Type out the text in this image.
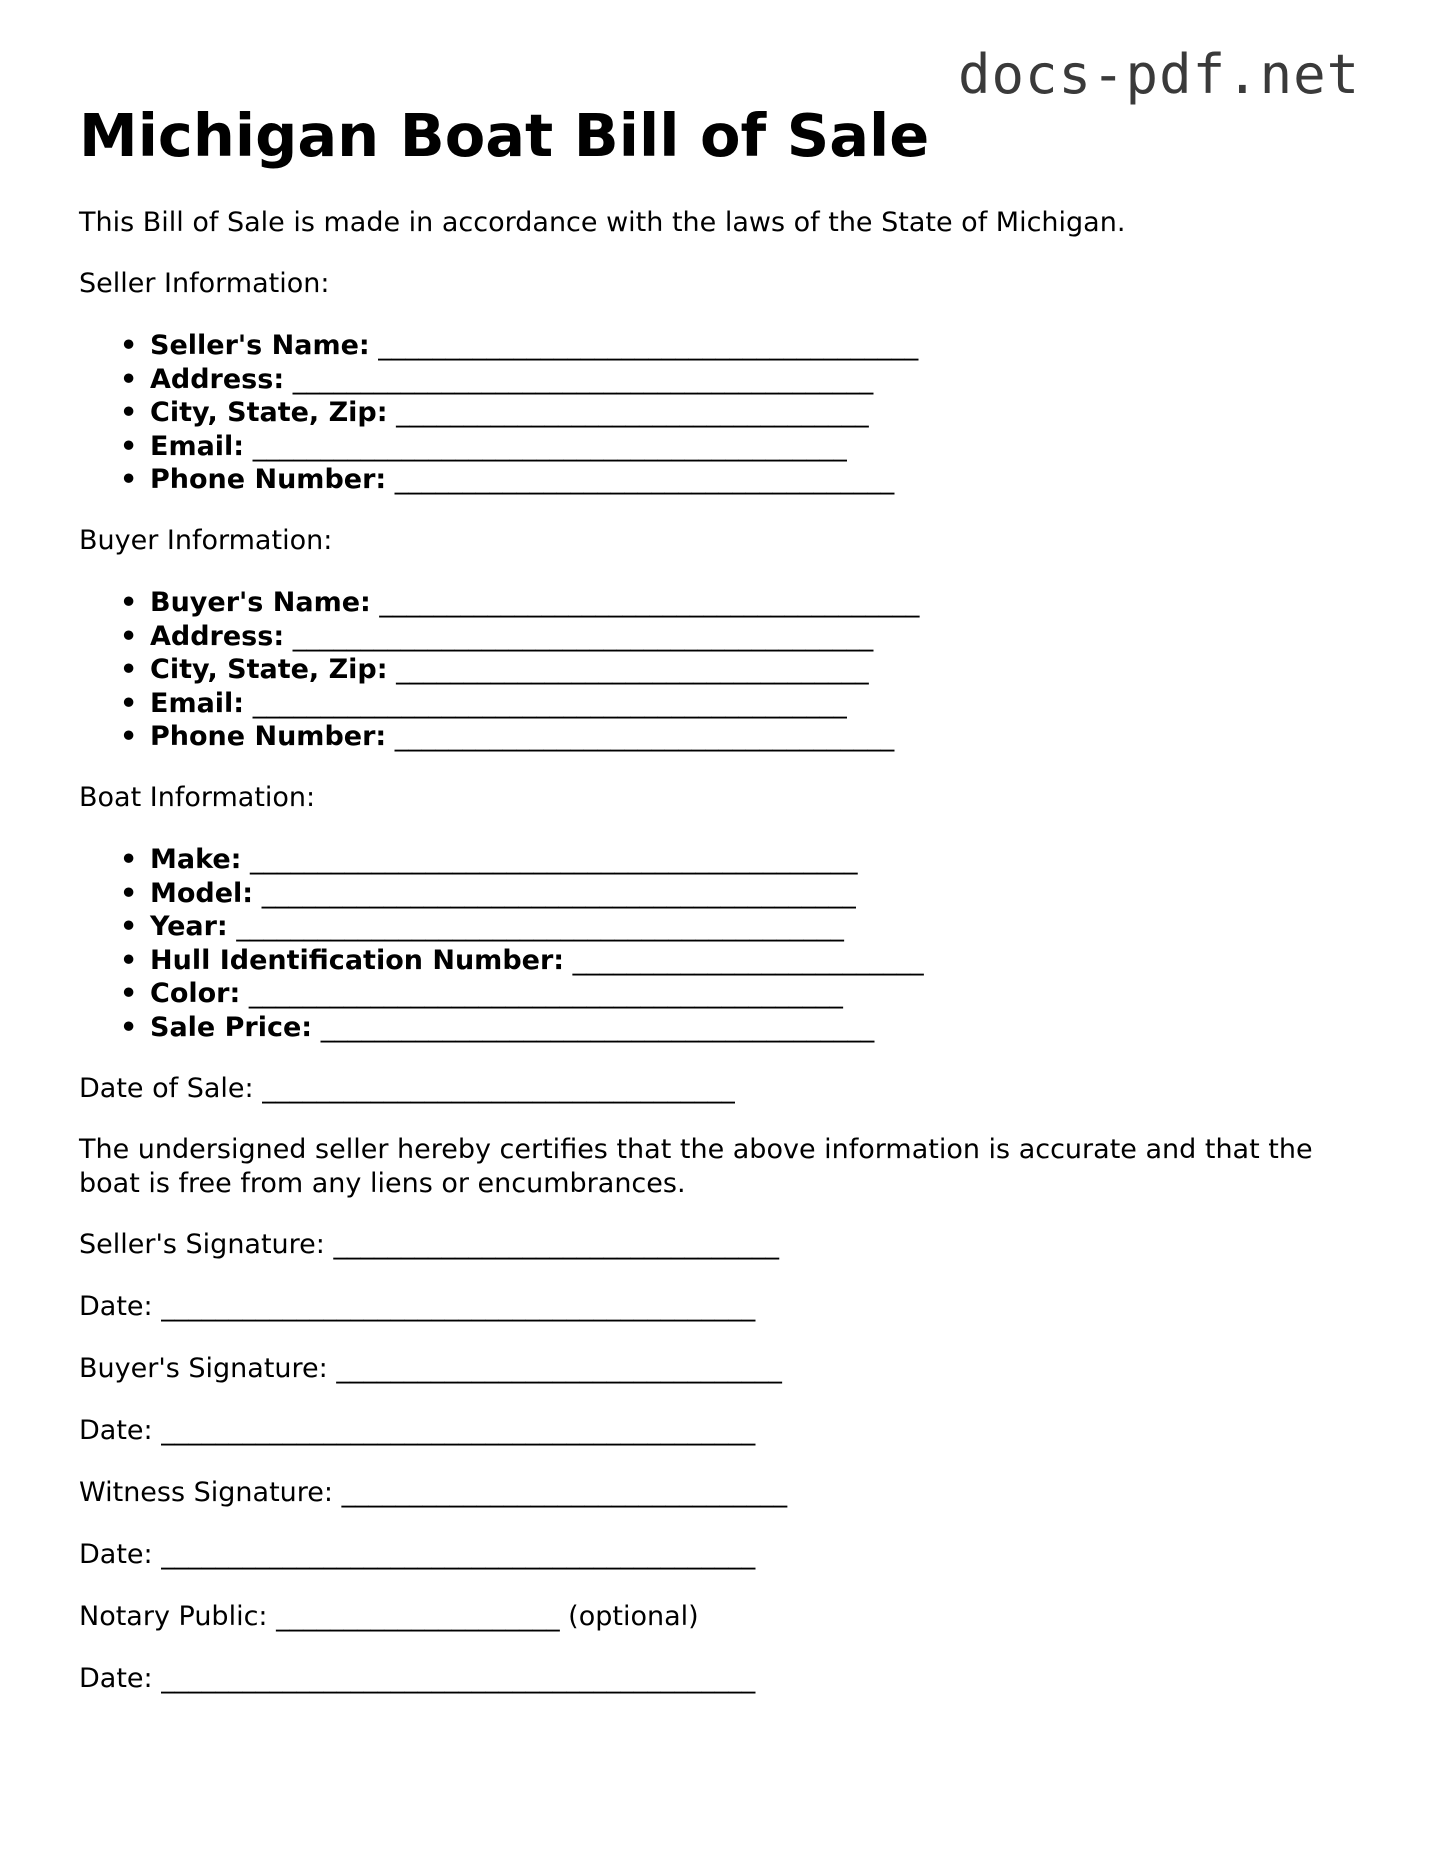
docs-pdf.net
Michigan Boat Bill of Sale

This Bill of Sale is made in accordance with the laws of the State of Michigan.

Seller Information:

• Seller's Name: ________________________________________
• Address: ___________________________________________
• City, State, Zip: ___________________________________
• Email: ____________________________________________
• Phone Number: _____________________________________

Buyer Information:

• Buyer's Name: ________________________________________
• Address: ___________________________________________
• City, State, Zip: ___________________________________
• Email: ____________________________________________
• Phone Number: _____________________________________

Boat Information:

• Make: _____________________________________________
• Model: ____________________________________________
• Year: _____________________________________________
• Hull Identification Number: __________________________
• Color: ____________________________________________
• Sale Price: _________________________________________

Date of Sale: ___________________________________

The undersigned seller hereby certifies that the above information is accurate and that the boat is free from any liens or encumbrances.

Seller's Signature: _________________________________

Date: ____________________________________________

Buyer's Signature: _________________________________

Date: ____________________________________________

Witness Signature: _________________________________

Date: ____________________________________________

Notary Public: _____________________ (optional)

Date: ____________________________________________
